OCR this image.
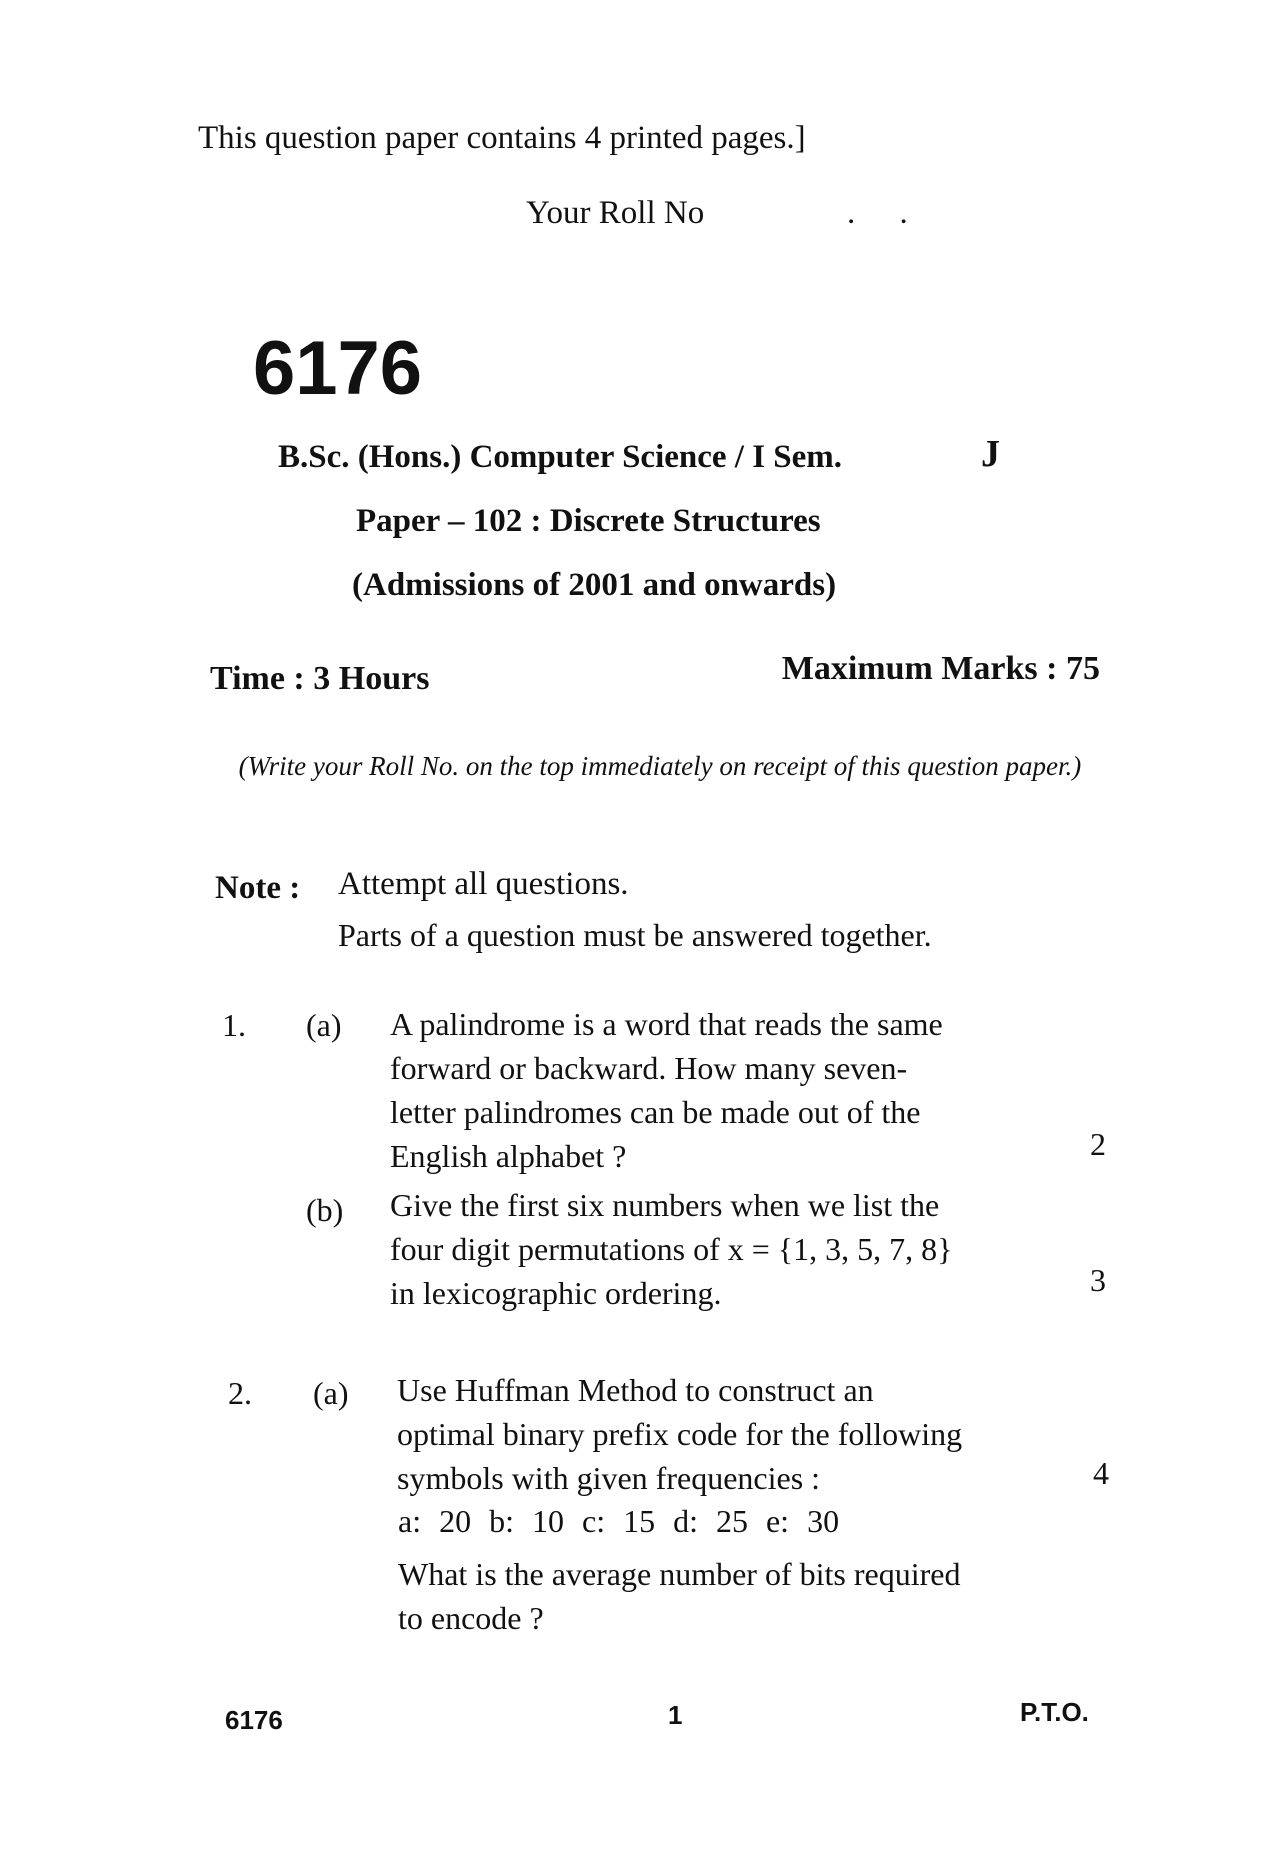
This question paper contains 4 printed pages.]
Your Roll No	. .
6176
B.Sc. (Hons.) Computer Science / I Sem.	J
Paper – 102 : Discrete Structures
(Admissions of 2001 and onwards)
Time : 3 Hours	Maximum Marks : 75
(Write your Roll No. on the top immediately on receipt of this question paper.)
Note : Attempt all questions.
Parts of a question must be answered together.
1. (a) A palindrome is a word that reads the same
forward or backward. How many seven-
letter palindromes can be made out of the
English alphabet ?	2
(b) Give the first six numbers when we list the
four digit permutations of x = {1, 3, 5, 7, 8}
in lexicographic ordering.	3
2. (a) Use Huffman Method to construct an
optimal binary prefix code for the following
symbols with given frequencies :	4
a: 20 b: 10 c: 15 d: 25 e: 30
What is the average number of bits required
to encode ?
6176	1	P.T.O.
